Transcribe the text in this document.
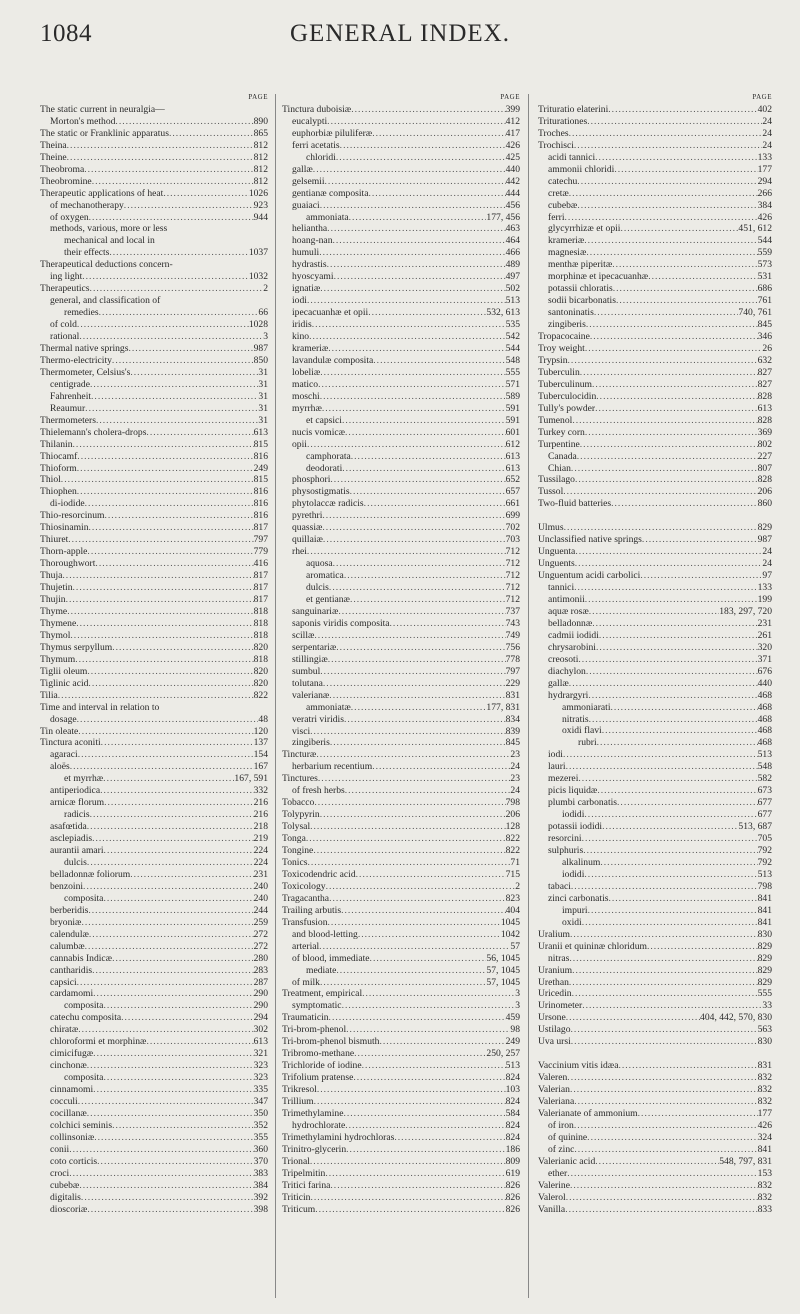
1084	GENERAL INDEX.
PAGE
The static current in neuralgia—
Morton's method .....	890
The static or Franklinic apparatus .....	865
Theina .....	812
Theine .....	812
Theobroma .....	812
Theobromine .....	812
Therapeutic applications of heat .....	1026
of mechanotherapy .....	923
of oxygen .....	944
methods, various, more or less
mechanical and local in
their effects .....	1037
Therapeutical deductions concern-
ing light .....	1032
Therapeutics .....	2
general, and classification of
remedies .....	66
of cold .....	1028
rational .....	3
Thermal native springs .....	987
Thermo-electricity .....	850
Thermometer, Celsius's .....	31
centigrade .....	31
Fahrenheit .....	31
Reaumur .....	31
Thermometers .....	31
Thielemann's cholera-drops .....	613
Thilanin .....	815
Thiocamf .....	816
Thioform .....	249
Thiol .....	815
Thiophen .....	816
di-iodide .....	816
Thio-resorcinum .....	816
Thiosinamin .....	817
Thiuret .....	797
Thorn-apple .....	779
Thoroughwort .....	416
Thuja .....	817
Thujetin .....	817
Thujin .....	817
Thyme .....	818
Thymene .....	818
Thymol .....	818
Thymus serpyllum .....	820
Thymum .....	818
Tiglii oleum .....	820
Tiglinic acid .....	820
Tilia .....	822
Time and interval in relation to
dosage .....	48
Tin oleate .....	120
Tinctura aconiti .....	137
agaraci .....	154
aloës .....	167
et myrrhæ .....	167, 591
antiperiodica .....	332
arnicæ florum .....	216
radicis .....	216
asafœtida .....	218
asclepiadis .....	219
aurantii amari .....	224
dulcis .....	224
belladonnæ foliorum .....	231
benzoini .....	240
composita .....	240
berberidis .....	244
bryoniæ .....	259
calendulæ .....	272
calumbæ .....	272
cannabis Indicæ .....	280
cantharidis .....	283
capsici .....	287
cardamomi .....	290
composita .....	290
catechu composita .....	294
chiratæ .....	302
chloroformi et morphinæ .....	613
cimicifugæ .....	321
cinchonæ .....	323
composita .....	323
cinnamomi .....	335
cocculi .....	347
cocillanæ .....	350
colchici seminis .....	352
collinsoniæ .....	355
conii .....	360
coto corticis .....	370
croci .....	383
cubebæ .....	384
digitalis .....	392
dioscoriæ .....	398
PAGE
Tinctura duboisiæ .....	399
eucalypti .....	412
euphorbiæ piluliferæ .....	417
ferri acetatis .....	426
chloridi .....	425
gallæ .....	440
gelsemii .....	442
gentianæ composita .....	444
guaiaci .....	456
ammoniata .....	177, 456
heliantha .....	463
hoang-nan .....	464
humuli .....	466
hydrastis .....	489
hyoscyami .....	497
ignatiæ .....	502
iodi .....	513
ipecacuanhæ et opii .....	532, 613
iridis .....	535
kino .....	542
krameriæ .....	544
lavandulæ composita .....	548
lobeliæ .....	555
matico .....	571
moschi .....	589
myrrhæ .....	591
et capsici .....	591
nucis vomicæ .....	601
opii .....	612
camphorata .....	613
deodorati .....	613
phosphori .....	652
physostigmatis .....	657
phytolaccæ radicis .....	661
pyrethri .....	699
quassiæ .....	702
quillaiæ .....	703
rhei .....	712
aquosa .....	712
aromatica .....	712
dulcis .....	712
et gentianæ .....	712
sanguinariæ .....	737
saponis viridis composita .....	743
scillæ .....	749
serpentariæ .....	756
stillingiæ .....	778
sumbul .....	797
tolutana .....	229
valerianæ .....	831
ammoniatæ .....	177, 831
veratri viridis .....	834
visci .....	839
zingiberis .....	845
Tincturæ .....	23
herbarium recentium .....	24
Tinctures .....	23
of fresh herbs .....	24
Tobacco .....	798
Tolypyrin .....	206
Tolysal .....	128
Tonga .....	822
Tongine .....	822
Tonics .....	71
Toxicodendric acid .....	715
Toxicology .....	2
Tragacantha .....	823
Trailing arbutis .....	404
Transfusion .....	1045
and blood-letting .....	1042
arterial .....	57
of blood, immediate .....	56, 1045
mediate .....	57, 1045
of milk .....	57, 1045
Treatment, empirical .....	3
symptomatic .....	3
Traumaticin .....	459
Tri-brom-phenol .....	98
Tri-brom-phenol bismuth .....	249
Tribromo-methane .....	250, 257
Trichloride of iodine .....	513
Trifolium pratense .....	824
Trikresol .....	103
Trillium .....	824
Trimethylamine .....	584
hydrochlorate .....	824
Trimethylamini hydrochloras .....	824
Trinitro-glycerin .....	186
Trional .....	809
Tripelmitin .....	619
Tritici farina .....	826
Triticin .....	826
Triticum .....	826
PAGE
Trituratio elaterini .....	402
Triturationes .....	24
Troches .....	24
Trochisci .....	24
acidi tannici .....	133
ammonii chloridi .....	177
catechu .....	294
cretæ .....	266
cubebæ .....	384
ferri .....	426
glycyrrhizæ et opii .....	451, 612
krameriæ .....	544
magnesiæ .....	559
menthæ piperitæ .....	573
morphinæ et ipecacuanhæ .....	531
potassii chloratis .....	686
sodii bicarbonatis .....	761
santoninatis .....	740, 761
zingiberis .....	845
Tropacocaine .....	346
Troy weight .....	26
Trypsin .....	632
Tuberculin .....	827
Tuberculinum .....	827
Tuberculocidin .....	828
Tully's powder .....	613
Tumenol .....	828
Turkey corn .....	369
Turpentine .....	802
Canada .....	227
Chian .....	807
Tussilago .....	828
Tussol .....	206
Two-fluid batteries .....	860
Ulmus .....	829
Unclassified native springs .....	987
Unguenta .....	24
Unguents .....	24
Unguentum acidi carbolici .....	97
tannici .....	133
antimonii .....	199
aquæ rosæ .....	183, 297, 720
belladonnæ .....	231
cadmii iodidi .....	261
chrysarobini .....	320
creosoti .....	371
diachylon .....	676
gallæ .....	440
hydrargyri .....	468
ammoniarati .....	468
nitratis .....	468
oxidi flavi .....	468
rubri .....	468
iodi .....	513
lauri .....	548
mezerei .....	582
picis liquidæ .....	673
plumbi carbonatis .....	677
iodidi .....	677
potassii iodidi .....	513, 687
resorcini .....	705
sulphuris .....	792
alkalinum .....	792
iodidi .....	513
tabaci .....	798
zinci carbonatis .....	841
impuri .....	841
oxidi .....	841
Uralium .....	830
Uranii et quininæ chloridum .....	829
nitras .....	829
Uranium .....	829
Urethan .....	829
Uricedin .....	555
Urinometer .....	33
Ursone .....	404, 442, 570, 830
Ustilago .....	563
Uva ursi .....	830
Vaccinium vitis idæa .....	831
Valeren .....	832
Valerian .....	832
Valeriana .....	832
Valerianate of ammonium .....	177
of iron .....	426
of quinine .....	324
of zinc .....	841
Valerianic acid .....	548, 797, 831
ether .....	153
Valerine .....	832
Valerol .....	832
Vanilla .....	833
